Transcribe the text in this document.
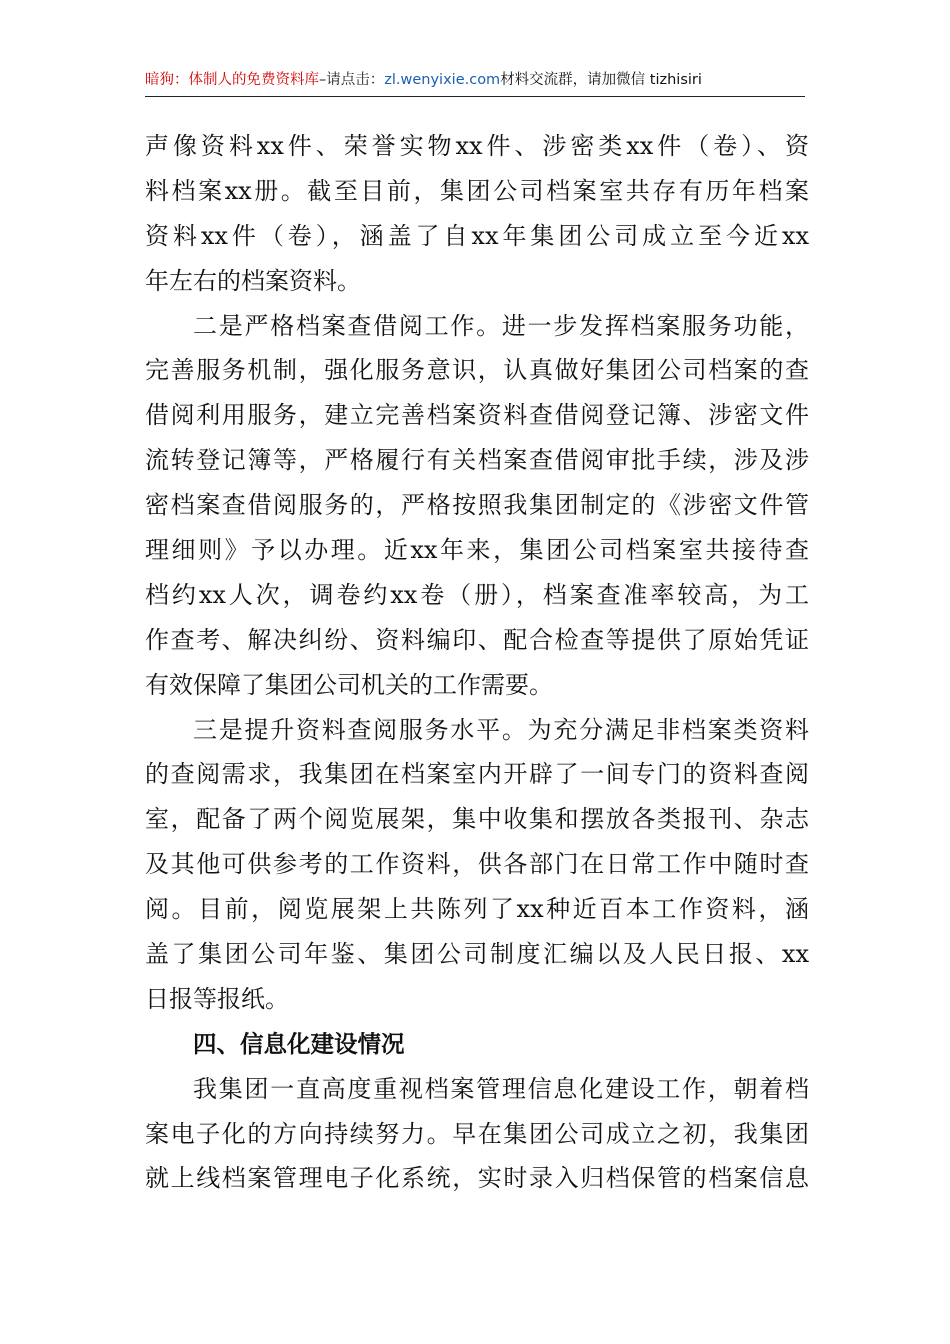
暗狗：体制人的免费资料库–请点击：zl.wenyixie.com材料交流群，请加微信 tizhisiri
声像资料xx件、荣誉实物xx件、涉密类xx件（卷）、资
料档案xx册。截至目前，集团公司档案室共存有历年档案
资料xx件（卷），涵盖了自xx年集团公司成立至今近xx
年左右的档案资料。
二是严格档案查借阅工作。进一步发挥档案服务功能，
完善服务机制，强化服务意识，认真做好集团公司档案的查
借阅利用服务，建立完善档案资料查借阅登记簿、涉密文件
流转登记簿等，严格履行有关档案查借阅审批手续，涉及涉
密档案查借阅服务的，严格按照我集团制定的《涉密文件管
理细则》予以办理。近xx年来，集团公司档案室共接待查
档约xx人次，调卷约xx卷（册），档案查准率较高，为工
作查考、解决纠纷、资料编印、配合检查等提供了原始凭证
有效保障了集团公司机关的工作需要。
三是提升资料查阅服务水平。为充分满足非档案类资料
的查阅需求，我集团在档案室内开辟了一间专门的资料查阅
室，配备了两个阅览展架，集中收集和摆放各类报刊、杂志
及其他可供参考的工作资料，供各部门在日常工作中随时查
阅。目前，阅览展架上共陈列了xx种近百本工作资料，涵
盖了集团公司年鉴、集团公司制度汇编以及人民日报、xx
日报等报纸。
四、信息化建设情况
我集团一直高度重视档案管理信息化建设工作，朝着档
案电子化的方向持续努力。早在集团公司成立之初，我集团
就上线档案管理电子化系统，实时录入归档保管的档案信息
